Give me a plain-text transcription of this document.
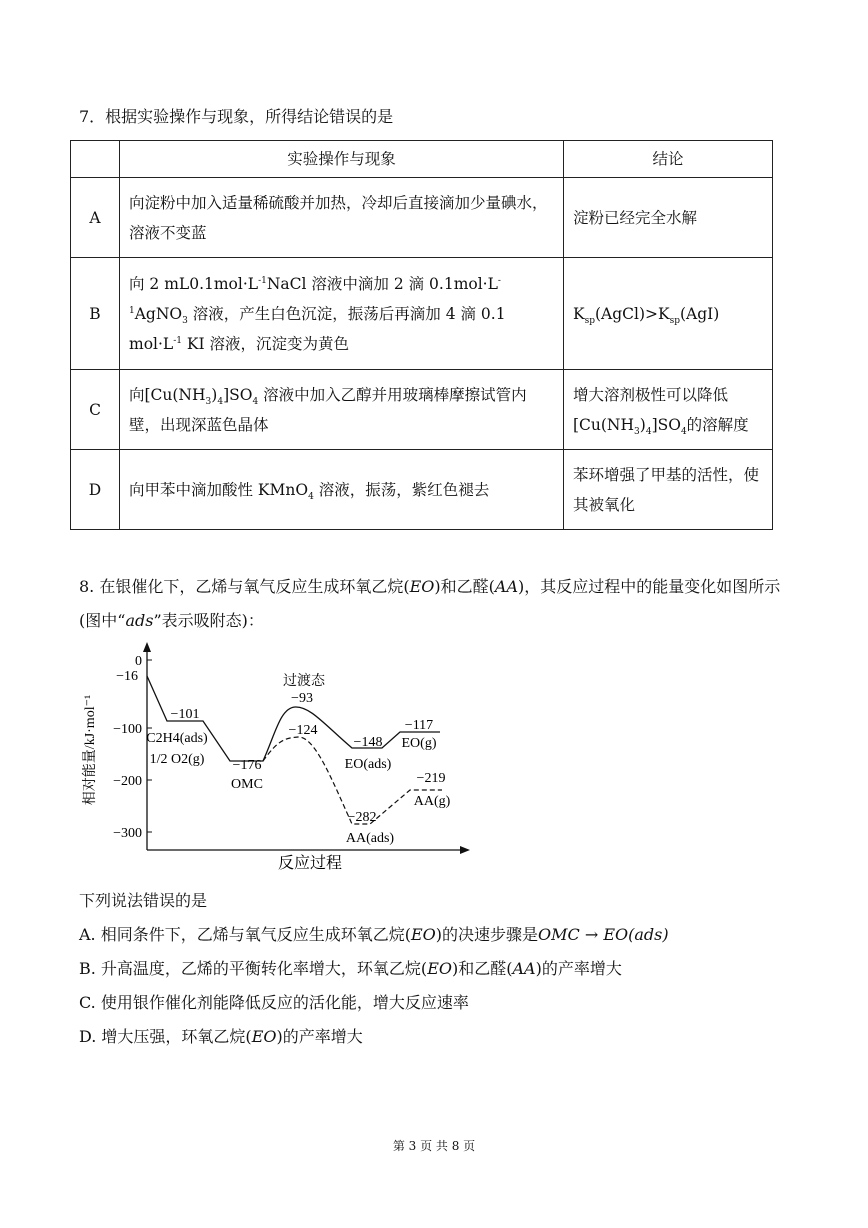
7．根据实验操作与现象，所得结论错误的是
	实验操作与现象	结论
A	向淀粉中加入适量稀硫酸并加热，冷却后直接滴加少量碘水，溶液不变蓝	淀粉已经完全水解
B	向 2 $mL0.1mol\cdot L^{-1}NaCl$ 溶液中滴加 2 滴 $0.1mol\cdot L^{-1}AgNO_3$ 溶液，产生白色沉淀，振荡后再滴加 4 滴 0.1 $mol\cdot L^{-1}$ KI 溶液，沉淀变为黄色	$K_{sp}(AgCl)>K_{sp}(AgI)$
C	向$[Cu(NH_3)_4]SO_4$ 溶液中加入乙醇并用玻璃棒摩擦试管内壁，出现深蓝色晶体	增大溶剂极性可以降低$[Cu(NH_3)_4]SO_4$的溶解度
D	向甲苯中滴加酸性 KMnO$_4$ 溶液，振荡，紫红色褪去	苯环增强了甲基的活性，使其被氧化
8. 在银催化下，乙烯与氧气反应生成环氧乙烷(EO)和乙醛(AA)，其反应过程中的能量变化如图所示(图中“ads”表示吸附态)：
0
−100
−200
−300
相对能量/kJ·mol⁻¹
反应过程
−16
−101
C2H4(ads)
1/2 O2(g) −176
OMC
过渡态
−93
−124
−148
EO(ads)
−117
EO(g)
−282
AA(ads)
−219
AA(g)
下列说法错误的是
A. 相同条件下，乙烯与氧气反应生成环氧乙烷(EO)的决速步骤是OMC → EO(ads)
B. 升高温度，乙烯的平衡转化率增大，环氧乙烷(EO)和乙醛(AA)的产率增大
C. 使用银作催化剂能降低反应的活化能，增大反应速率
D. 增大压强，环氧乙烷(EO)的产率增大
第 3 页 共 8 页
